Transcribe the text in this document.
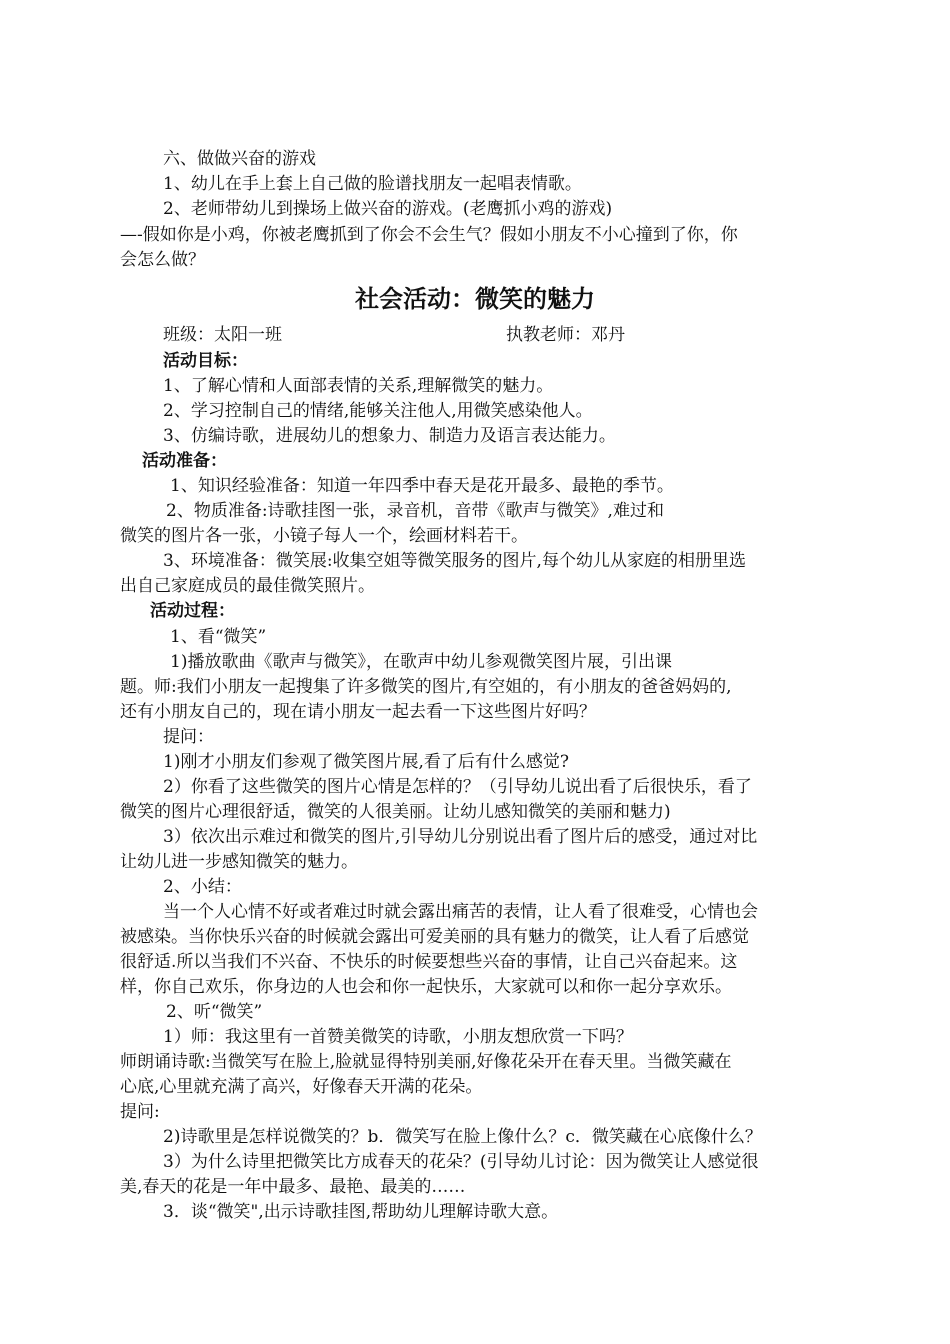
六、做做兴奋的游戏
1、幼儿在手上套上自己做的脸谱找朋友一起唱表情歌。
2、老师带幼儿到操场上做兴奋的游戏。(老鹰抓小鸡的游戏)
—-假如你是小鸡，你被老鹰抓到了你会不会生气？假如小朋友不小心撞到了你，你
会怎么做？
社会活动：微笑的魅力
班级：太阳一班	执教老师：邓丹
活动目标：
1、了解心情和人面部表情的关系,理解微笑的魅力。
2、学习控制自己的情绪,能够关注他人,用微笑感染他人。
3、仿编诗歌，进展幼儿的想象力、制造力及语言表达能力。
活动准备：
1、知识经验准备：知道一年四季中春天是花开最多、最艳的季节。
2、物质准备:诗歌挂图一张，录音机，音带《歌声与微笑》,难过和
微笑的图片各一张，小镜子每人一个，绘画材料若干。
3、环境准备：微笑展:收集空姐等微笑服务的图片,每个幼儿从家庭的相册里选
出自己家庭成员的最佳微笑照片。
活动过程：
1、看“微笑”
1)播放歌曲《歌声与微笑》，在歌声中幼儿参观微笑图片展，引出课
题。师:我们小朋友一起搜集了许多微笑的图片,有空姐的，有小朋友的爸爸妈妈的,
还有小朋友自己的，现在请小朋友一起去看一下这些图片好吗？
提问：
1)刚才小朋友们参观了微笑图片展,看了后有什么感觉?
2）你看了这些微笑的图片心情是怎样的？（引导幼儿说出看了后很快乐，看了
微笑的图片心理很舒适，微笑的人很美丽。让幼儿感知微笑的美丽和魅力)
3）依次出示难过和微笑的图片,引导幼儿分别说出看了图片后的感受，通过对比
让幼儿进一步感知微笑的魅力。
2、小结：
当一个人心情不好或者难过时就会露出痛苦的表情，让人看了很难受，心情也会
被感染。当你快乐兴奋的时候就会露出可爱美丽的具有魅力的微笑，让人看了后感觉
很舒适.所以当我们不兴奋、不快乐的时候要想些兴奋的事情，让自己兴奋起来。这
样，你自己欢乐，你身边的人也会和你一起快乐，大家就可以和你一起分享欢乐。
2、听“微笑”
1）师：我这里有一首赞美微笑的诗歌，小朋友想欣赏一下吗？
师朗诵诗歌:当微笑写在脸上,脸就显得特别美丽,好像花朵开在春天里。当微笑藏在
心底,心里就充满了高兴，好像春天开满的花朵。
提问:
2)诗歌里是怎样说微笑的？b．微笑写在脸上像什么？c．微笑藏在心底像什么？
3）为什么诗里把微笑比方成春天的花朵？(引导幼儿讨论：因为微笑让人感觉很
美,春天的花是一年中最多、最艳、最美的……
3．谈“微笑",出示诗歌挂图,帮助幼儿理解诗歌大意。
